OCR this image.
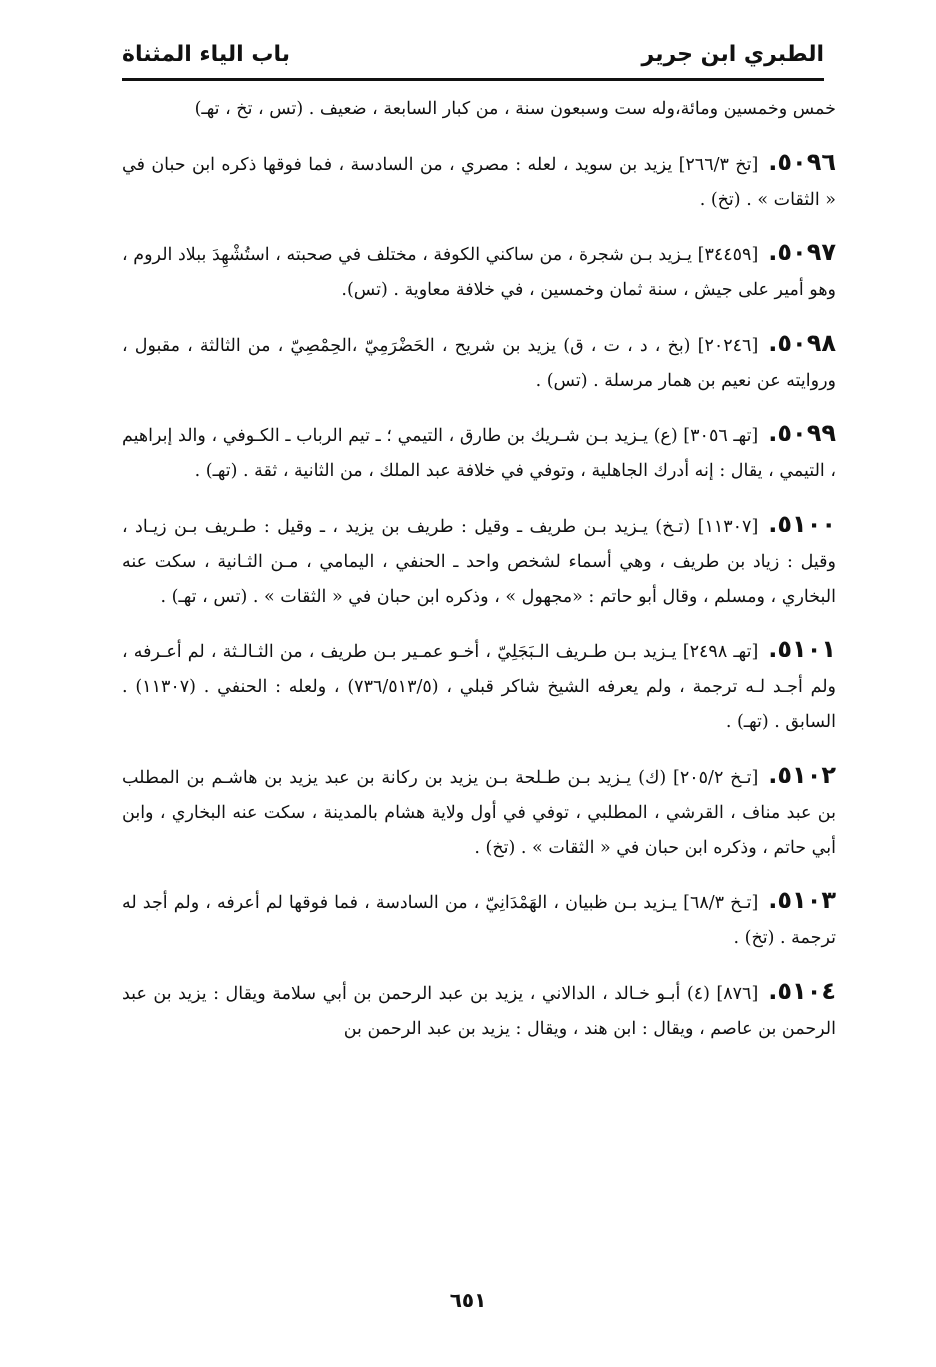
الطبري ابن جرير
باب الياء المثناة

خمس وخمسين ومائة،وله ست وسبعون سنة ، من كبار السابعة ، ضعيف . (تس ، تخ ، تهـ)

٥٠٩٦.[تخ ٢٦٦/٣] يزيد بن سويد ، لعله : مصري ، من السادسة ، فما فوقها ذكره ابن حبان في « الثقات » . (تخ) .

٥٠٩٧.[٣٤٤٥٩] يـزيد بـن شجرة ، من ساكني الكوفة ، مختلف في صحبته ، استُشْهِدَ ببلاد الروم ، وهو أمير على جيش ، سنة ثمان وخمسين ، في خلافة معاوية . (تس).

٥٠٩٨.[٢٠٢٤٦] (بخ ، د ، ت ، ق) يزيد بن شريح ، الحَضْرَمِيّ ،الحِمْصِيّ ، من الثالثة ، مقبول ، وروايته عن نعيم بن همار مرسلة . (تس) .

٥٠٩٩.[تهـ ٣٠٥٦] (ع) يـزيد بـن شـريك بن طارق ، التيمي ؛ ـ تيم الرباب ـ الكـوفي ، والد إبراهيم ، التيمي ، يقال : إنه أدرك الجاهلية ، وتوفي في خلافة عبد الملك ، من الثانية ، ثقة . (تهـ) .

٥١٠٠.[١١٣٠٧] (تـخ) يـزيد بـن طريف ـ وقيل : طريف بن يزيد ، ـ وقيل : طـريف بـن زيـاد ، وقيل : زياد بن طريف ، وهي أسماء لشخص واحد ـ الحنفي ، اليمامي ، مـن الثـانية ، سكت عنه البخاري ، ومسلم ، وقال أبو حاتم : «مجهول » ، وذكره ابن حبان في « الثقات » . (تس ، تهـ) .

٥١٠١.[تهـ ٢٤٩٨] يـزيد بـن طـريف الـبَجَلِيّ ، أخـو عمـير بـن طريف ، من الثـالـثة ، لم أعـرفه ، ولم أجـد لـه ترجمة ، ولم يعرفه الشيخ شاكر قبلي ، (٧٣٦/٥١٣/٥) ، ولعله : الحنفي . (١١٣٠٧) . السابق . (تهـ) .

٥١٠٢.[تـخ ٢٠٥/٢] (ك) يـزيد بـن طـلحة بـن يزيد بن ركانة بن عبد يزيد بن هاشـم بن المطلب بن عبد مناف ، القرشي ، المطلبي ، توفي في أول ولاية هشام بالمدينة ، سكت عنه البخاري ، وابن أبي حاتم ، وذكره ابن حبان في « الثقات » . (تخ) .

٥١٠٣.[تـخ ٦٨/٣] يـزيد بـن ظبيان ، الهَمْدَانِيّ ، من السادسة ، فما فوقها لم أعرفه ، ولم أجد له ترجمة . (تخ) .

٥١٠٤.[٨٧٦] (٤) أبـو خـالد ، الدالاني ، يزيد بن عبد الرحمن بن أبي سلامة ويقال : يزيد بن عبد الرحمن بن عاصم ، ويقال : ابن هند ، ويقال : يزيد بن عبد الرحمن بن

٦٥١
